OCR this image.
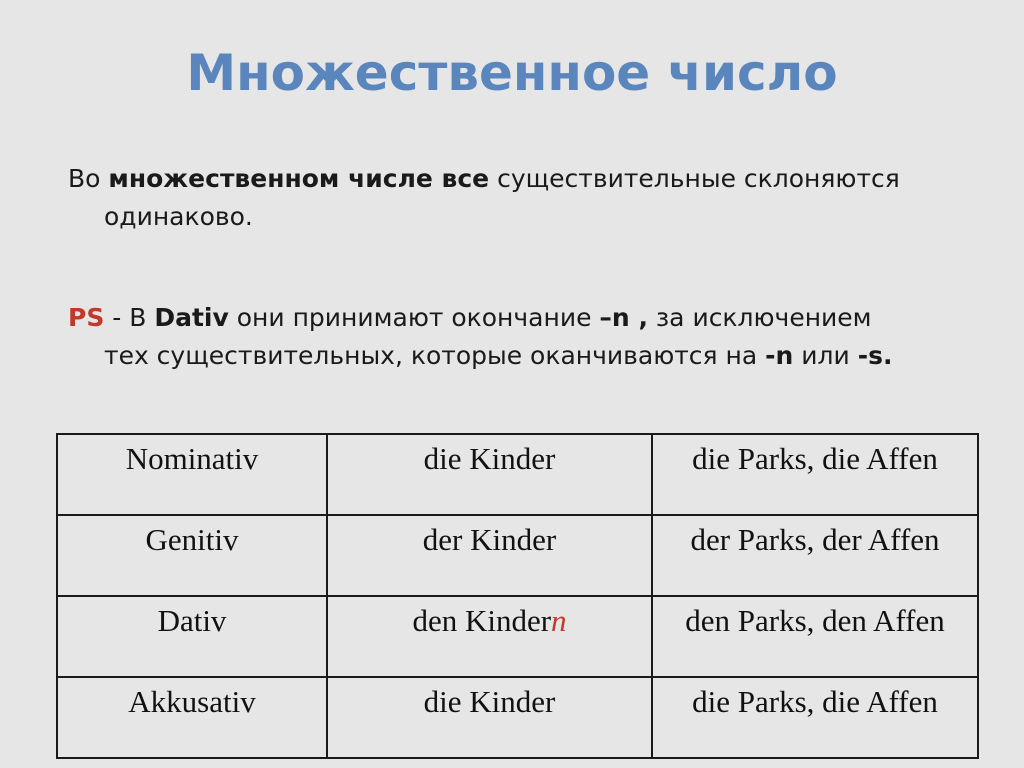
Множественное число

Во множественном числе все существительные склоняются
одинаково.

PS - В Dativ они принимают окончание –n , за исключением
тех существительных, которые оканчиваются на -n или -s.

Nominativ	die Kinder	die Parks, die Affen
Genitiv	der Kinder	der Parks, der Affen
Dativ	den Kindern	den Parks, den Affen
Akkusativ	die Kinder	die Parks, die Affen
